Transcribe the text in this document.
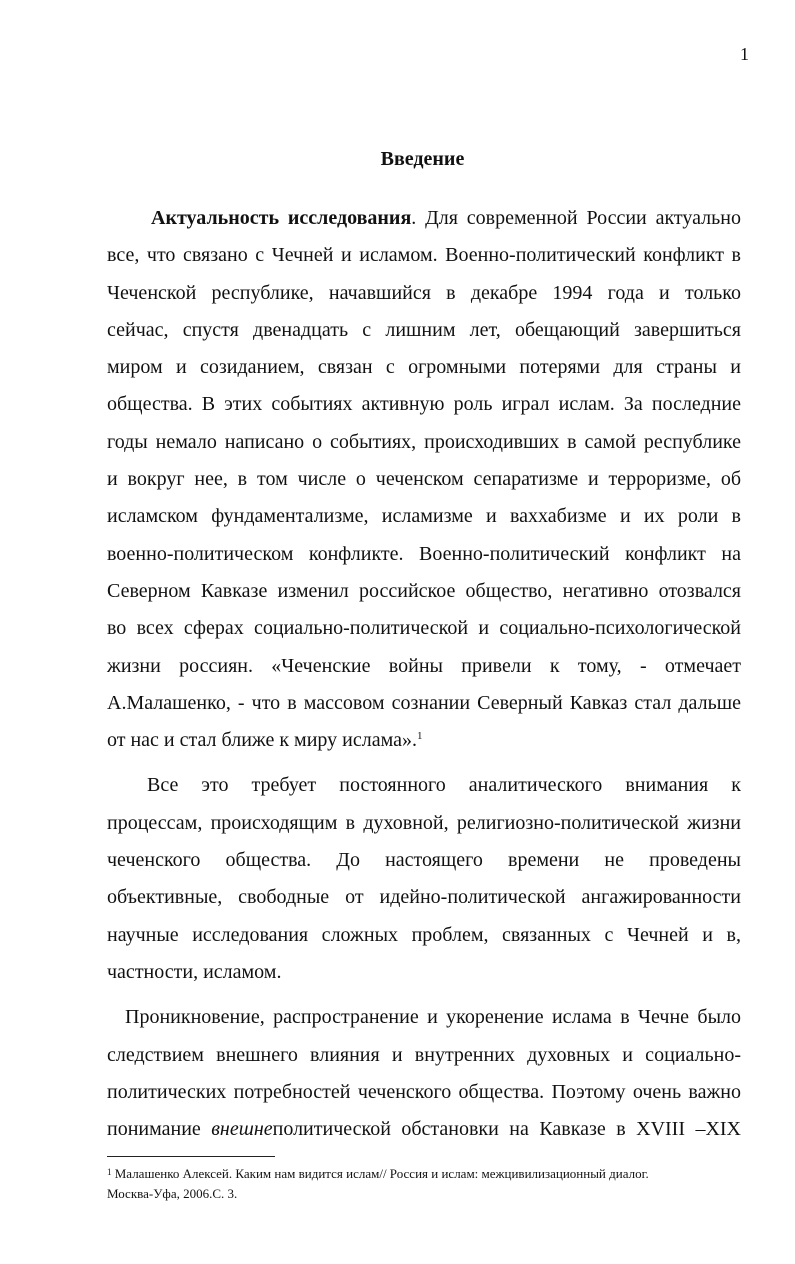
1
Введение
Актуальность исследования. Для современной России актуально
все, что связано с Чечней и исламом. Военно-политический конфликт в
Чеченской республике, начавшийся в декабре 1994 года и только
сейчас, спустя двенадцать с лишним лет, обещающий завершиться
миром и созиданием, связан с огромными потерями для страны и
общества. В этих событиях активную роль играл ислам. За последние
годы немало написано о событиях, происходивших в самой республике
и вокруг нее, в том числе о чеченском сепаратизме и терроризме, об
исламском фундаментализме, исламизме и ваххабизме и их роли в
военно-политическом конфликте. Военно-политический конфликт на
Северном Кавказе изменил российское общество, негативно отозвался
во всех сферах социально-политической и социально-психологической
жизни россиян. «Чеченские войны привели к тому, - отмечает
А.Малашенко, - что в массовом сознании Северный Кавказ стал дальше
от нас и стал ближе к миру ислама».$^1$
Все это требует постоянного аналитического внимания к
процессам, происходящим в духовной, религиозно-политической жизни
чеченского общества. До настоящего времени не проведены
объективные, свободные от идейно-политической ангажированности
научные исследования сложных проблем, связанных с Чечней и в,
частности, исламом.
Проникновение, распространение и укоренение ислама в Чечне было
следствием внешнего влияния и внутренних духовных и социально-
политических потребностей чеченского общества. Поэтому очень важно
понимание внешнеполитической обстановки на Кавказе в XVIII –XIX
$^1$ Малашенко Алексей. Каким нам видится ислам// Россия и ислам: межцивилизационный диалог.
Москва-Уфа, 2006.С. 3.
